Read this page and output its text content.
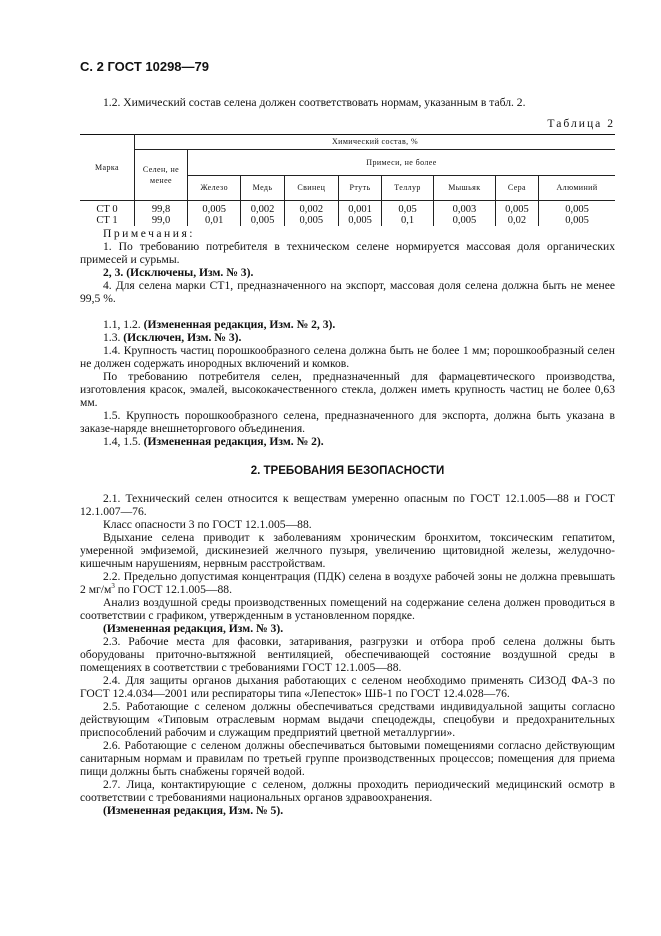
С. 2 ГОСТ 10298—79

1.2. Химический состав селена должен соответствовать нормам, указанным в табл. 2.

Таблица 2
Марка	Химический состав, %								
	Селен, не менее	Примеси, не более							
		Железо	Медь	Свинец	Ртуть	Теллур	Мышьяк	Сера	Алюминий
СТ 0	99,8	0,005	0,002	0,002	0,001	0,05	0,003	0,005	0,005
СТ 1	99,0	0,01	0,005	0,005	0,005	0,1	0,005	0,02	0,005

Примечания:

1. По требованию потребителя в техническом селене нормируется массовая доля органических примесей и сурьмы.

2, 3. (Исключены, Изм. № 3).

4. Для селена марки СТ1, предназначенного на экспорт, массовая доля селена должна быть не менее 99,5 %.

1.1, 1.2. (Измененная редакция, Изм. № 2, 3).

1.3. (Исключен, Изм. № 3).

1.4. Крупность частиц порошкообразного селена должна быть не более 1 мм; порошкообразный селен не должен содержать инородных включений и комков.

По требованию потребителя селен, предназначенный для фармацевтического производства, изготовления красок, эмалей, высококачественного стекла, должен иметь крупность частиц не более 0,63 мм.

1.5. Крупность порошкообразного селена, предназначенного для экспорта, должна быть указана в заказе-наряде внешнеторгового объединения.

1.4, 1.5. (Измененная редакция, Изм. № 2).

2. ТРЕБОВАНИЯ БЕЗОПАСНОСТИ

2.1. Технический селен относится к веществам умеренно опасным по ГОСТ 12.1.005—88 и ГОСТ 12.1.007—76.

Класс опасности 3 по ГОСТ 12.1.005—88.

Вдыхание селена приводит к заболеваниям хроническим бронхитом, токсическим гепатитом, умеренной эмфиземой, дискинезией желчного пузыря, увеличению щитовидной железы, желудочно-кишечным нарушениям, нервным расстройствам.

2.2. Предельно допустимая концентрация (ПДК) селена в воздухе рабочей зоны не должна превышать 2 $мг/м^3$ по ГОСТ 12.1.005—88.

Анализ воздушной среды производственных помещений на содержание селена должен проводиться в соответствии с графиком, утвержденным в установленном порядке.

(Измененная редакция, Изм. № 3).

2.3. Рабочие места для фасовки, затаривания, разгрузки и отбора проб селена должны быть оборудованы приточно-вытяжной вентиляцией, обеспечивающей состояние воздушной среды в помещениях в соответствии с требованиями ГОСТ 12.1.005—88.

2.4. Для защиты органов дыхания работающих с селеном необходимо применять СИЗОД ФА-3 по ГОСТ 12.4.034—2001 или респираторы типа «Лепесток» ШБ-1 по ГОСТ 12.4.028—76.

2.5. Работающие с селеном должны обеспечиваться средствами индивидуальной защиты согласно действующим «Типовым отраслевым нормам выдачи спецодежды, спецобуви и предохранительных приспособлений рабочим и служащим предприятий цветной металлургии».

2.6. Работающие с селеном должны обеспечиваться бытовыми помещениями согласно действующим санитарным нормам и правилам по третьей группе производственных процессов; помещения для приема пищи должны быть снабжены горячей водой.

2.7. Лица, контактирующие с селеном, должны проходить периодический медицинский осмотр в соответствии с требованиями национальных органов здравоохранения.

(Измененная редакция, Изм. № 5).
